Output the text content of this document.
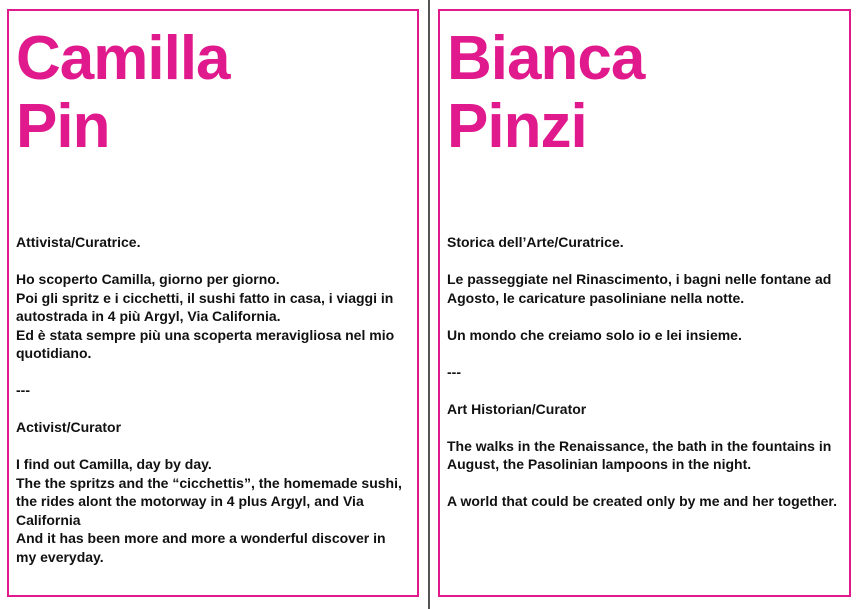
Camilla
Pin

Attivista/Curatrice.

Ho scoperto Camilla, giorno per giorno.
Poi gli spritz e i cicchetti, il sushi fatto in casa, i viaggi in autostrada in 4 più Argyl, Via California.
Ed è stata sempre più una scoperta meravigliosa nel mio quotidiano.

---

Activist/Curator

I find out Camilla, day by day.
The the spritzs and the “cicchettis”, the homemade sushi, the rides alont the motorway in 4 plus Argyl, and Via California
And it has been more and more a wonderful discover in my everyday.

Bianca
Pinzi

Storica dell’Arte/Curatrice.

Le passeggiate nel Rinascimento, i bagni nelle fontane ad Agosto, le caricature pasoliniane nella notte.

Un mondo che creiamo solo io e lei insieme.

---

Art Historian/Curator

The walks in the Renaissance, the bath in the fountains in August, the Pasolinian lampoons in the night.

A world that could be created only by me and her together.
